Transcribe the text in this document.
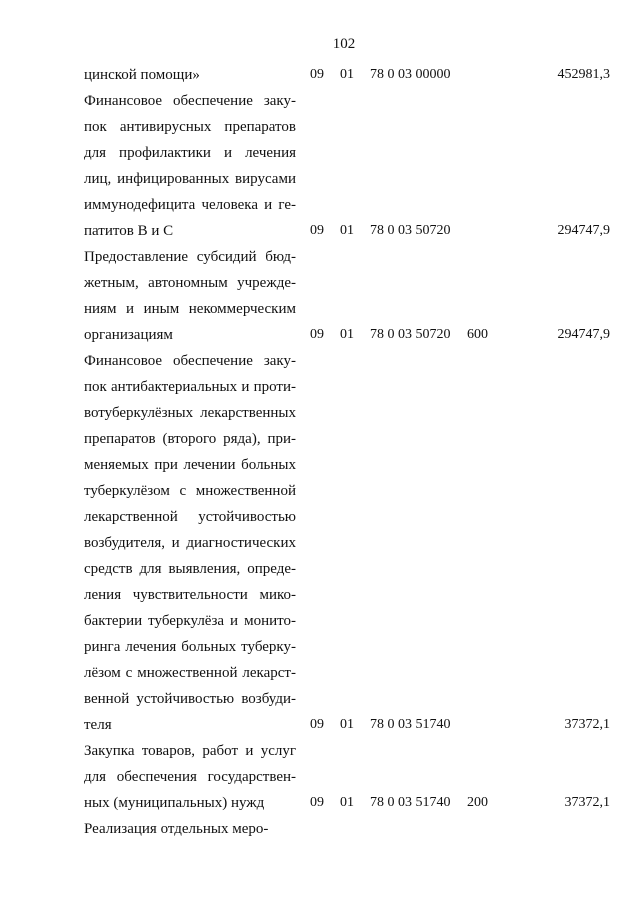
102
цинской помощи»	09 01 78 0 03 00000	452981,3
Финансовое обеспечение заку-
пок антивирусных препаратов
для профилактики и лечения
лиц, инфицированных вирусами
иммунодефицита человека и ге-
патитов В и С	09 01 78 0 03 50720	294747,9
Предоставление субсидий бюд-
жетным, автономным учрежде-
ниям и иным некоммерческим
организациям	09 01 78 0 03 50720 600	294747,9
Финансовое обеспечение заку-
пок антибактериальных и проти-
вотуберкулёзных лекарственных
препаратов (второго ряда), при-
меняемых при лечении больных
туберкулёзом с множественной
лекарственной устойчивостью
возбудителя, и диагностических
средств для выявления, опреде-
ления чувствительности мико-
бактерии туберкулёза и монито-
ринга лечения больных туберку-
лёзом с множественной лекарст-
венной устойчивостью возбуди-
теля	09 01 78 0 03 51740	37372,1
Закупка товаров, работ и услуг
для обеспечения государствен-
ных (муниципальных) нужд	09 01 78 0 03 51740 200	37372,1
Реализация отдельных меро-
